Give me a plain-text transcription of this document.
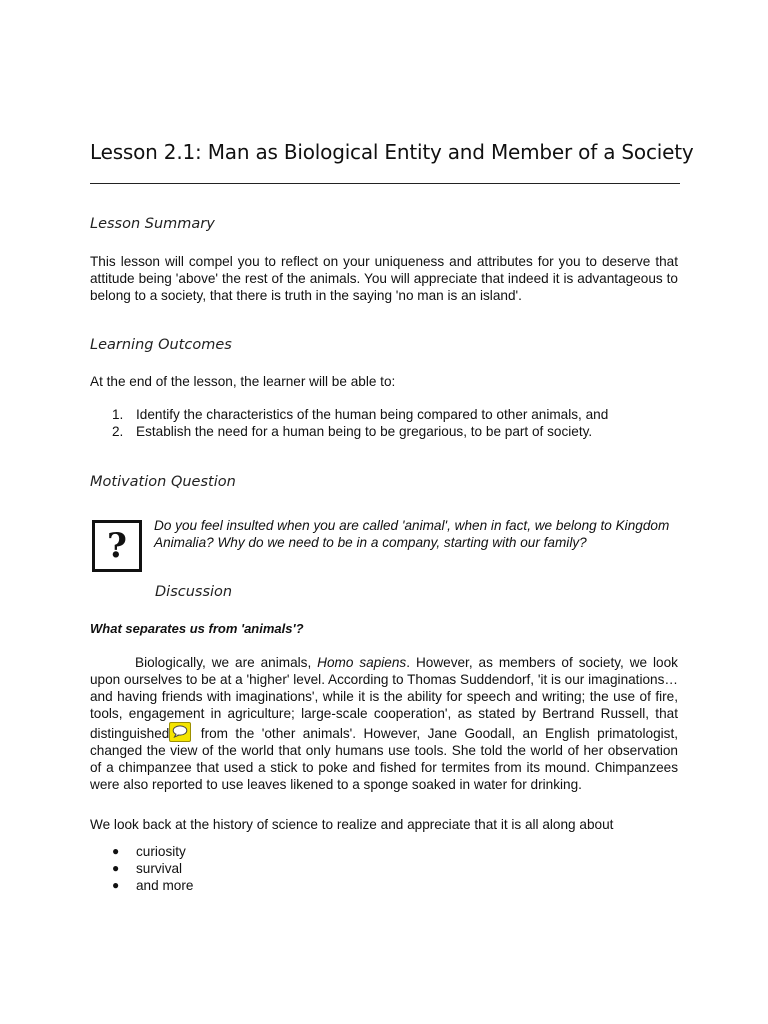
Lesson 2.1: Man as Biological Entity and Member of a Society
Lesson Summary

This lesson will compel you to reflect on your uniqueness and attributes for you to deserve that attitude being 'above' the rest of the animals. You will appreciate that indeed it is advantageous to belong to a society, that there is truth in the saying 'no man is an island'.

Learning Outcomes

At the end of the lesson, the learner will be able to:

1. Identify the characteristics of the human being compared to other animals, and
2. Establish the need for a human being to be gregarious, to be part of society.
Motivation Question
?

Do you feel insulted when you are called 'animal', when in fact, we belong to Kingdom Animalia? Why do we need to be in a company, starting with our family?

Discussion

What separates us from 'animals'?

Biologically, we are animals, Homo sapiens. However, as members of society, we look upon ourselves to be at a 'higher' level. According to Thomas Suddendorf, 'it is our imaginations… and having friends with imaginations', while it is the ability for speech and writing; the use of fire, tools, engagement in agriculture; large-scale cooperation', as stated by Bertrand Russell, that distinguished
from the 'other animals'. However, Jane Goodall, an English primatologist, changed the view of the world that only humans use tools. She told the world of her observation of a chimpanzee that used a stick to poke and fished for termites from its mound. Chimpanzees were also reported to use leaves likened to a sponge soaked in water for drinking.

We look back at the history of science to realize and appreciate that it is all along about

●	curiosity
●	survival
●	and more
